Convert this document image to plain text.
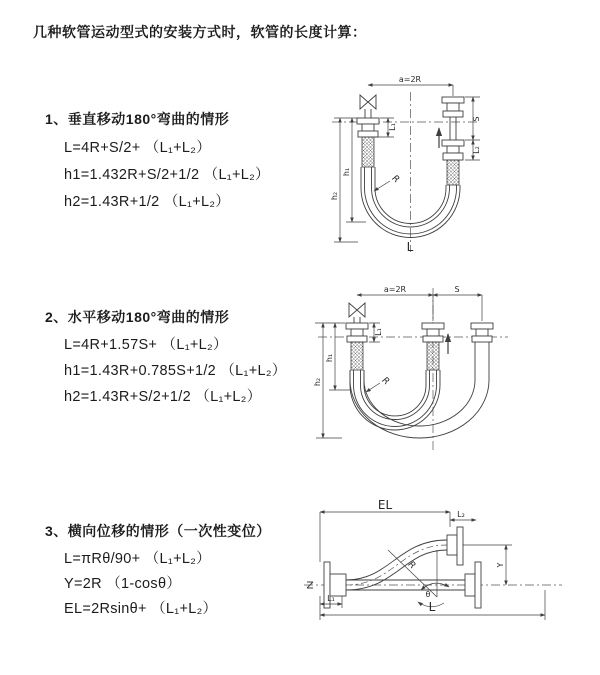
几种软管运动型式的安装方式时，软管的长度计算：
1、垂直移动180°弯曲的情形
L=4R+S/2+ （L₁+L₂）
h1=1.432R+S/2+1/2 （L₁+L₂）
h2=1.43R+1/2 （L₁+L₂）
a=2R
S
L₂
L₁
h₁
h₂
R
L
2、水平移动180°弯曲的情形
L=4R+1.57S+ （L₁+L₂）
h1=1.43R+0.785S+1/2 （L₁+L₂）
h2=1.43R+S/2+1/2 （L₁+L₂）
a=2R	S
L₁
h₁
h₂	R
3、横向位移的情形（一次性变位）
L=πRθ/90+ （L₁+L₂）
Y=2R （1-cosθ）
EL=2Rsinθ+ （L₁+L₂）
EL
L₂
Y
R
θ
L
L₁
